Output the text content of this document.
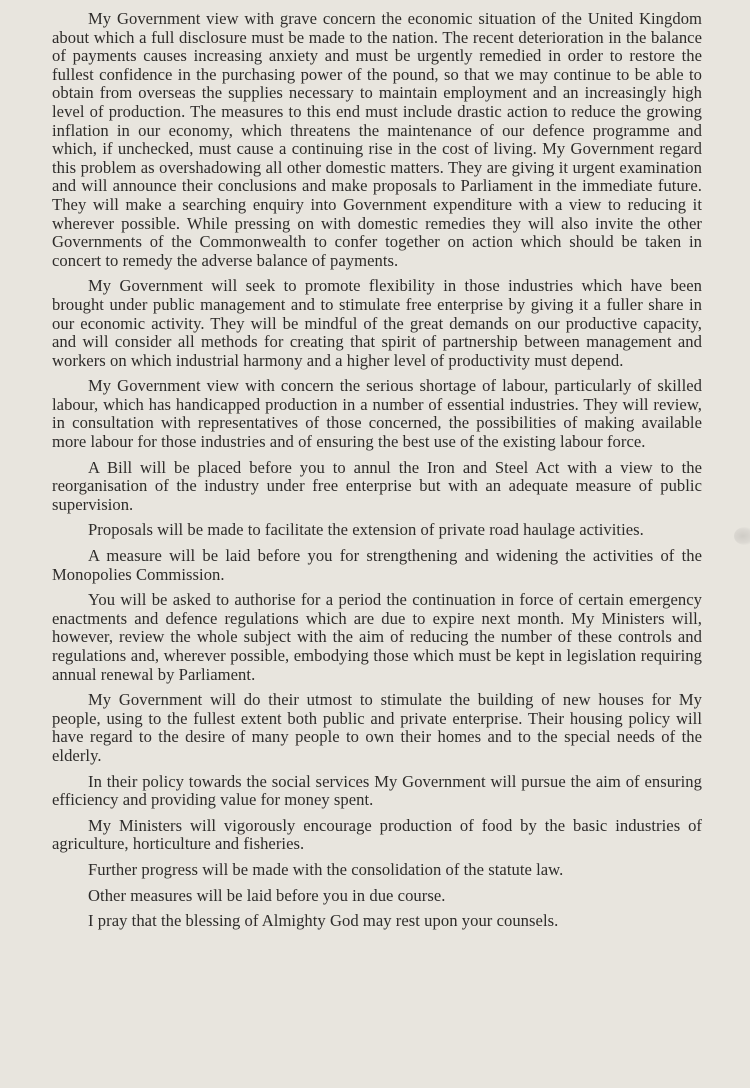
My Government view with grave concern the economic situation of the United Kingdom about which a full disclosure must be made to the nation. The recent deterioration in the balance of payments causes increasing anxiety and must be urgently remedied in order to restore the fullest confidence in the purchasing power of the pound, so that we may continue to be able to obtain from overseas the supplies necessary to maintain employment and an increasingly high level of production. The measures to this end must include drastic action to reduce the growing inflation in our economy, which threatens the maintenance of our defence programme and which, if unchecked, must cause a continuing rise in the cost of living. My Government regard this problem as overshadowing all other domestic matters. They are giving it urgent examination and will announce their conclusions and make proposals to Parliament in the immediate future. They will make a searching enquiry into Government expenditure with a view to reducing it wherever possible. While pressing on with domestic remedies they will also invite the other Governments of the Commonwealth to confer together on action which should be taken in concert to remedy the adverse balance of payments.

My Government will seek to promote flexibility in those industries which have been brought under public management and to stimulate free enterprise by giving it a fuller share in our economic activity. They will be mindful of the great demands on our productive capacity, and will consider all methods for creating that spirit of partnership between management and workers on which industrial harmony and a higher level of productivity must depend.

My Government view with concern the serious shortage of labour, particularly of skilled labour, which has handicapped production in a number of essential industries. They will review, in consultation with representatives of those concerned, the possibilities of making available more labour for those industries and of ensuring the best use of the existing labour force.

A Bill will be placed before you to annul the Iron and Steel Act with a view to the reorganisation of the industry under free enterprise but with an adequate measure of public supervision.

Proposals will be made to facilitate the extension of private road haulage activities.

A measure will be laid before you for strengthening and widening the activities of the Monopolies Commission.

You will be asked to authorise for a period the continuation in force of certain emergency enactments and defence regulations which are due to expire next month. My Ministers will, however, review the whole subject with the aim of reducing the number of these controls and regulations and, wherever possible, embodying those which must be kept in legislation requiring annual renewal by Parliament.

My Government will do their utmost to stimulate the building of new houses for My people, using to the fullest extent both public and private enterprise. Their housing policy will have regard to the desire of many people to own their homes and to the special needs of the elderly.

In their policy towards the social services My Government will pursue the aim of ensuring efficiency and providing value for money spent.

My Ministers will vigorously encourage production of food by the basic industries of agriculture, horticulture and fisheries.

Further progress will be made with the consolidation of the statute law.

Other measures will be laid before you in due course.

I pray that the blessing of Almighty God may rest upon your counsels.
